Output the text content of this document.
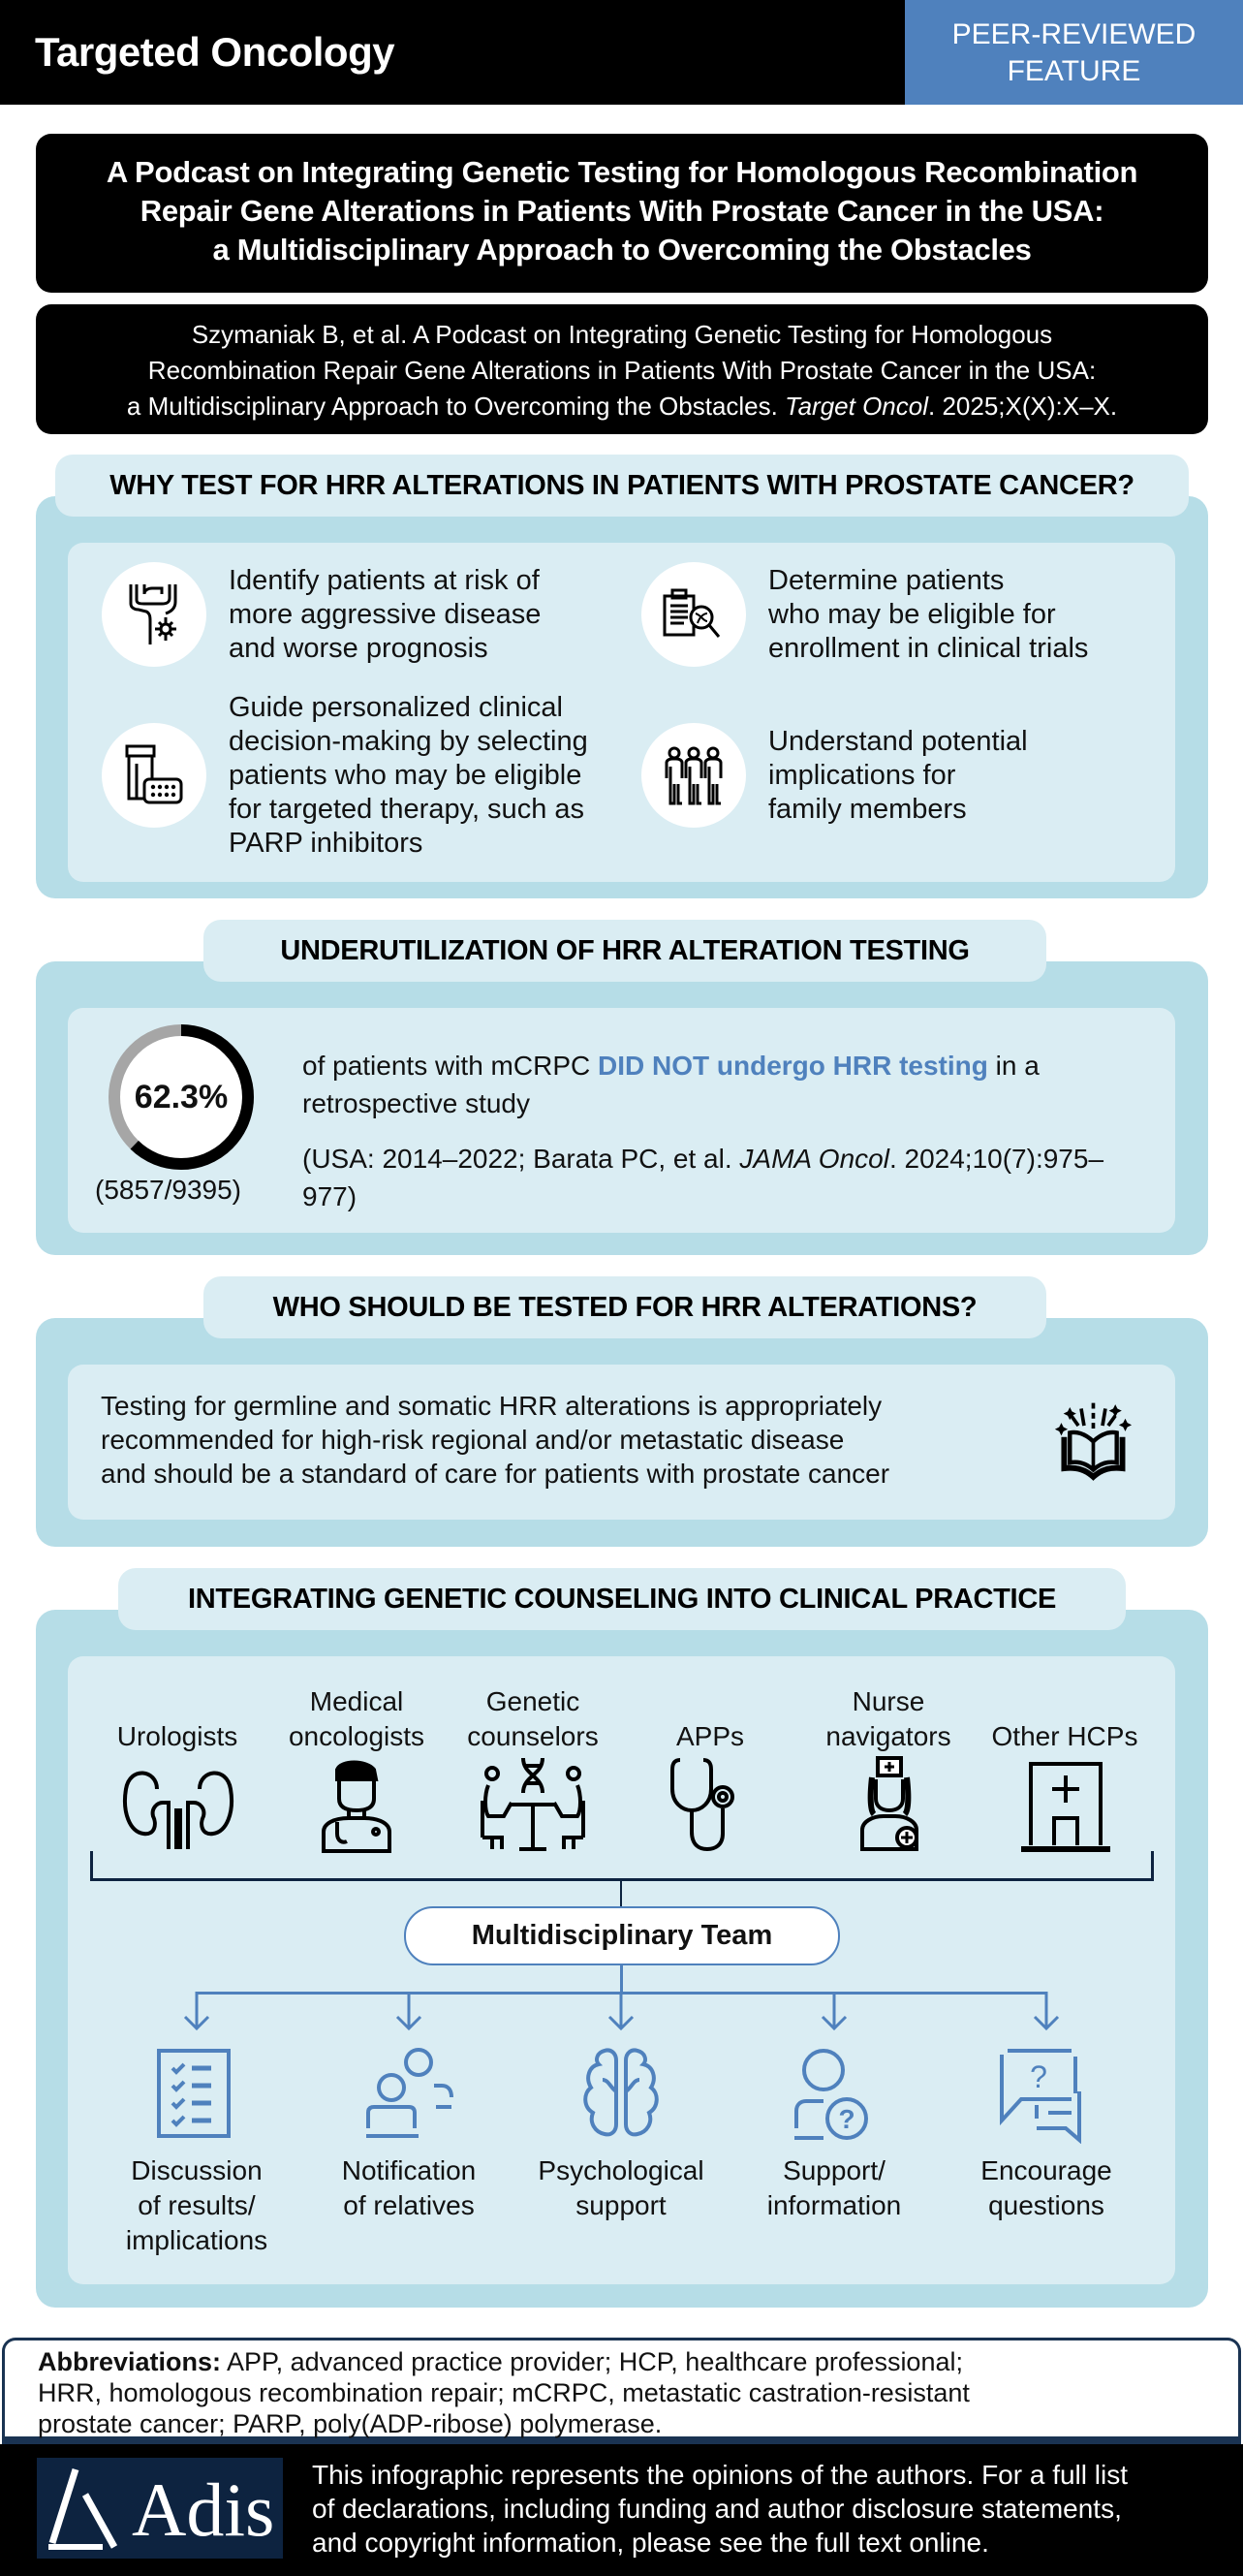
Targeted Oncology	PEER-REVIEWED
FEATURE
A Podcast on Integrating Genetic Testing for Homologous Recombination
Repair Gene Alterations in Patients With Prostate Cancer in the USA:
a Multidisciplinary Approach to Overcoming the Obstacles
Szymaniak B, et al. A Podcast on Integrating Genetic Testing for Homologous
Recombination Repair Gene Alterations in Patients With Prostate Cancer in the USA:
a Multidisciplinary Approach to Overcoming the Obstacles. Target Oncol. 2025;X(X):X–X.
WHY TEST FOR HRR ALTERATIONS IN PATIENTS WITH PROSTATE CANCER?
Identify patients at risk of
more aggressive disease
and worse prognosis
Determine patients
who may be eligible for
enrollment in clinical trials
Guide personalized clinical
decision-making by selecting
patients who may be eligible
for targeted therapy, such as
PARP inhibitors
Understand potential
implications for
family members
UNDERUTILIZATION OF HRR ALTERATION TESTING
62.3%
(5857/9395)
of patients with mCRPC DID NOT undergo HRR testing in a retrospective study
(USA: 2014–2022; Barata PC, et al. JAMA Oncol. 2024;10(7):975–977)
WHO SHOULD BE TESTED FOR HRR ALTERATIONS?
Testing for germline and somatic HRR alterations is appropriately
recommended for high-risk regional and/or metastatic disease
and should be a standard of care for patients with prostate cancer
INTEGRATING GENETIC COUNSELING INTO CLINICAL PRACTICE

Urologists
Medical
oncologists
Genetic
counselors
	APPs
Nurse
navigators
	Other HCPs
Multidisciplinary Team
?
?
Discussion
of results/
implications
Notification
of relatives
Psychological
support
Support/
information
Encourage
questions
Abbreviations: APP, advanced practice provider; HCP, healthcare professional;
HRR, homologous recombination repair; mCRPC, metastatic castration-resistant
prostate cancer; PARP, poly(ADP-ribose) polymerase.
Adis This infographic represents the opinions of the authors. For a full list
of declarations, including funding and author disclosure statements,
and copyright information, please see the full text online.
